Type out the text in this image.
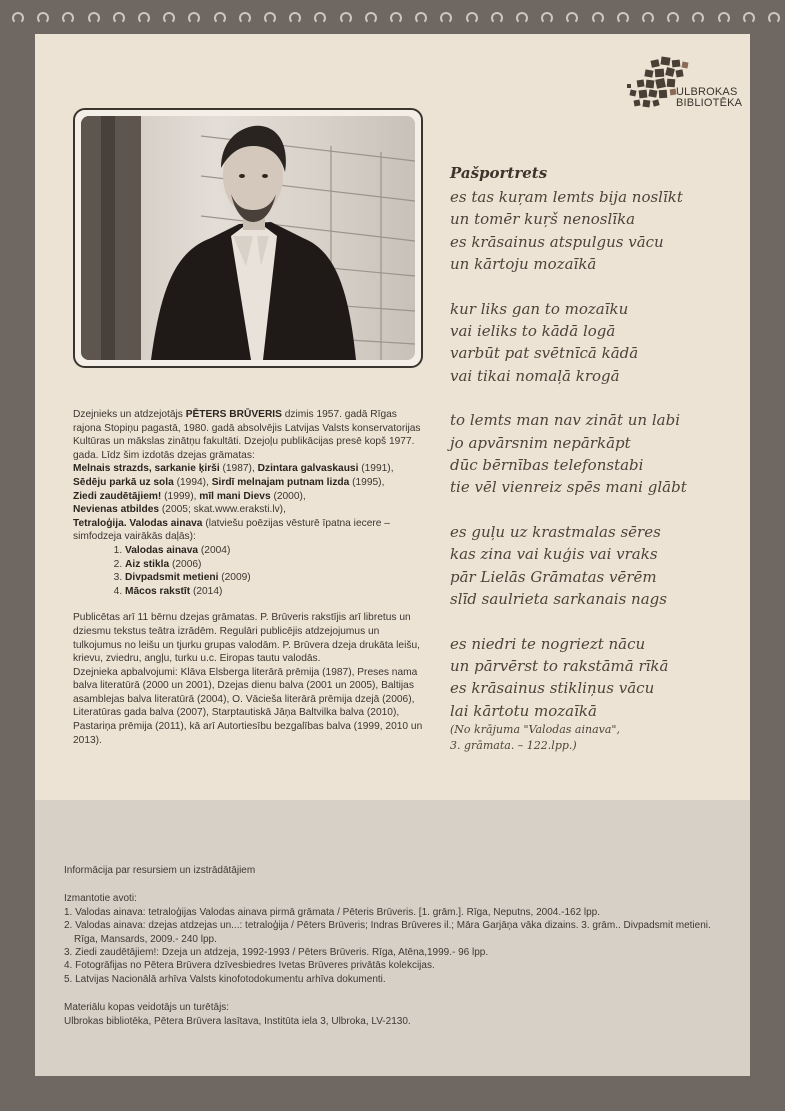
ULBROKAS
BIBLIOTĒKA
Pašportrets
es tas kuŗam lemts bija noslīkt
un tomēr kuŗš nenoslīka
es krāsainus atspulgus vācu
un kārtoju mozaīkā
kur liks gan to mozaīku
vai ieliks to kādā logā
varbūt pat svētnīcā kādā
vai tikai nomaļā krogā
to lemts man nav zināt un labi
jo apvārsnim nepārkāpt
dūc bērnības telefonstabi
tie vēl vienreiz spēs mani glābt
es guļu uz krastmalas sēres
kas zina vai kuģis vai vraks
pār Lielās Grāmatas vērēm
slīd saulrieta sarkanais nags
es niedri te nogriezt nācu
un pārvērst to rakstāmā rīkā
es krāsainus stikliņus vācu
lai kārtotu mozaīkā
(No krājuma "Valodas ainava",
3. grāmata. – 122.lpp.)

Dzejnieks un atdzejotājs PĒTERS BRŪVERIS dzimis 1957. gadā Rīgas rajona Stopiņu pagastā, 1980. gadā absolvējis Latvijas Valsts konservatorijas Kultūras un mākslas zinātņu fakultāti. Dzejoļu publikācijas presē kopš 1977. gada. Līdz šim izdotās dzejas grāmatas:

Melnais strazds, sarkanie ķirši (1987), Dzintara galvaskausi (1991),
Sēdēju parkā uz sola (1994), Sirdī melnajam putnam lizda (1995),
Ziedi zaudētājiem! (1999), mīl mani Dievs (2000),
Nevienas atbildes (2005; skat.www.eraksti.lv),
Tetraloģija. Valodas ainava (latviešu poēzijas vēsturē īpatna iecere – simfodzeja vairākās daļās):

1. Valodas ainava (2004)
2. Aiz stikla (2006)
3. Divpadsmit metieni (2009)
4. Mācos rakstīt (2014)

Publicētas arī 11 bērnu dzejas grāmatas. P. Brūveris rakstījis arī libretus un dziesmu tekstus teātra izrādēm. Regulāri publicējis atdzejojumus un tulkojumus no leišu un tjurku grupas valodām. P. Brūvera dzeja drukāta leišu, krievu, zviedru, angļu, turku u.c. Eiropas tautu valodās.

Dzejnieka apbalvojumi: Klāva Elsberga literārā prēmija (1987), Preses nama balva literatūrā (2000 un 2001), Dzejas dienu balva (2001 un 2005), Baltijas asamblejas balva literatūrā (2004), O. Vācieša literārā prēmija dzejā (2006), Literatūras gada balva (2007), Starptautiskā Jāņa Baltvilka balva (2010), Pastariņa prēmija (2011), kā arī Autortiesību bezgalības balva (1999, 2010 un 2013).

Informācija par resursiem un izstrādātājiem
Izmantotie avoti:
1. Valodas ainava: tetraloģijas Valodas ainava pirmā grāmata / Pēteris Brūveris. [1. grām.]. Rīga, Neputns, 2004.-162 lpp.
2. Valodas ainava: dzejas atdzejas un...: tetraloģija / Pēters Brūveris; Indras Brūveres il.; Māra Garjāņa vāka dizains. 3. grām.. Divpadsmit metieni.
Rīga, Mansards, 2009.- 240 lpp.
3. Ziedi zaudētājiem!: Dzeja un atdzeja, 1992-1993 / Pēters Brūveris. Rīga, Atēna,1999.- 96 lpp.
4. Fotogrāfijas no Pētera Brūvera dzīvesbiedres Ivetas Brūveres privātās kolekcijas.
5. Latvijas Nacionālā arhīva Valsts kinofotodokumentu arhīva dokumenti.
Materiālu kopas veidotājs un turētājs:
Ulbrokas bibliotēka, Pētera Brūvera lasītava, Institūta iela 3, Ulbroka, LV-2130.
